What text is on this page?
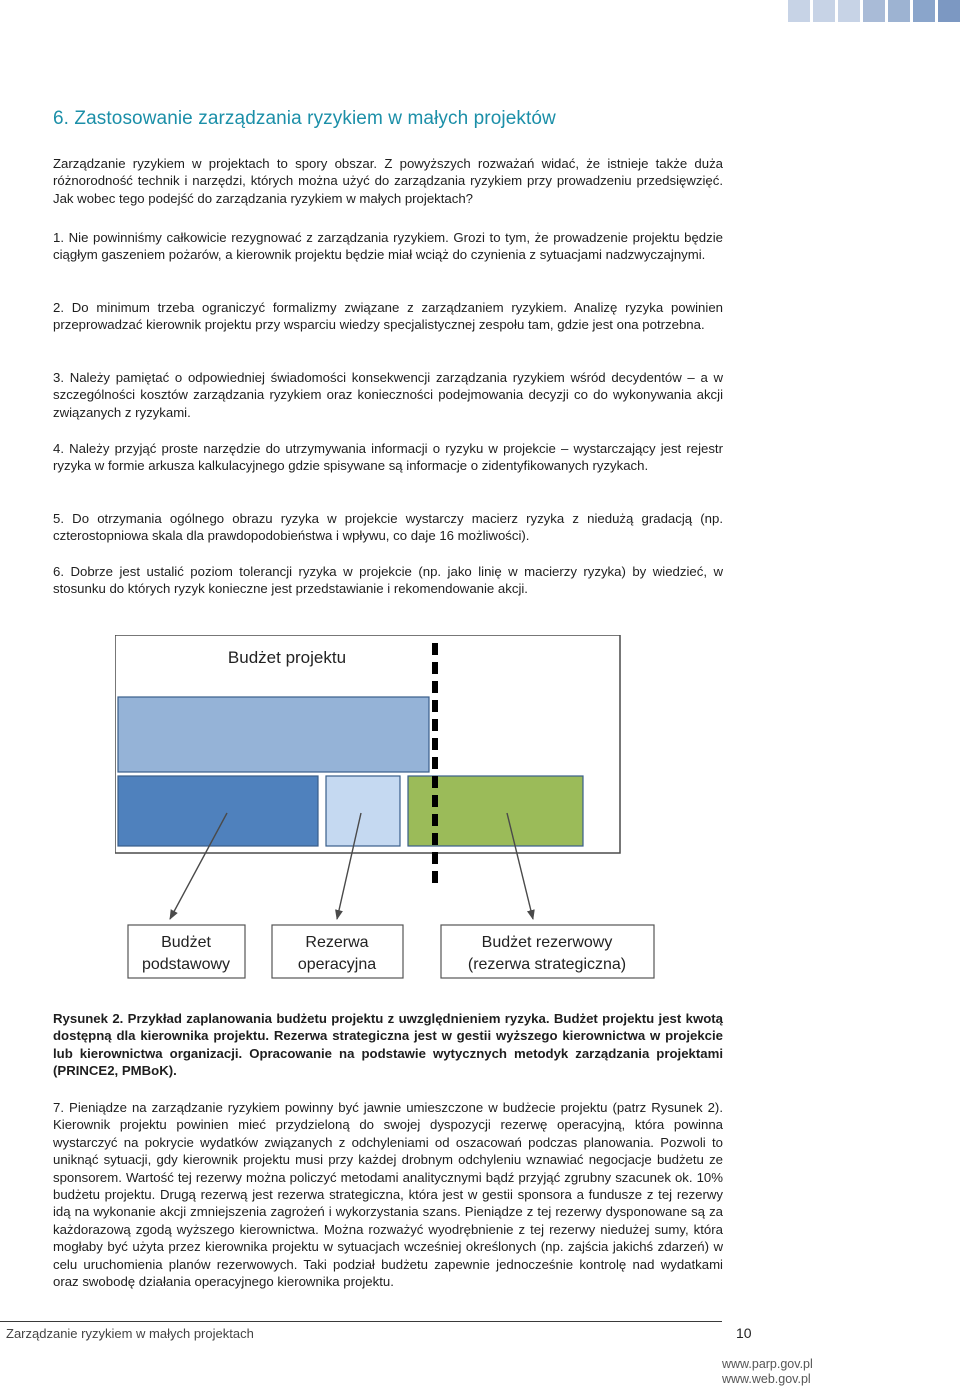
6. Zastosowanie zarządzania ryzykiem w małych projektów

Zarządzanie ryzykiem w projektach to spory obszar. Z powyższych rozważań widać, że istnieje także duża różnorodność technik i narzędzi, których można użyć do zarządzania ryzykiem przy prowadzeniu przedsięwzięć. Jak wobec tego podejść do zarządzania ryzykiem w małych projektach?

1. Nie powinniśmy całkowicie rezygnować z zarządzania ryzykiem. Grozi to tym, że prowadzenie projektu będzie ciągłym gaszeniem pożarów, a kierownik projektu będzie miał wciąż do czynienia z sytuacjami nadzwyczajnymi.

2. Do minimum trzeba ograniczyć formalizmy związane z zarządzaniem ryzykiem. Analizę ryzyka powinien przeprowadzać kierownik projektu przy wsparciu wiedzy specjalistycznej zespołu tam, gdzie jest ona potrzebna.

3. Należy pamiętać o odpowiedniej świadomości konsekwencji zarządzania ryzykiem wśród decydentów – a w szczególności kosztów zarządzania ryzykiem oraz konieczności podejmowania decyzji co do wykonywania akcji związanych z ryzykami.

4. Należy przyjąć proste narzędzie do utrzymywania informacji o ryzyku w projekcie – wystarczający jest rejestr ryzyka w formie arkusza kalkulacyjnego gdzie spisywane są informacje o zidentyfikowanych ryzykach.

5. Do otrzymania ogólnego obrazu ryzyka w projekcie wystarczy macierz ryzyka z niedużą gradacją (np. czterostopniowa skala dla prawdopodobieństwa i wpływu, co daje 16 możliwości).

6. Dobrze jest ustalić poziom tolerancji ryzyka w projekcie (np. jako linię w macierzy ryzyka) by wiedzieć, w stosunku do których ryzyk konieczne jest przedstawianie i rekomendowanie akcji.

Budżet projektu
Budżet
podstawowy
Rezerwa
operacyjna
Budżet rezerwowy
(rezerwa strategiczna)

Rysunek 2. Przykład zaplanowania budżetu projektu z uwzględnieniem ryzyka. Budżet projektu jest kwotą dostępną dla kierownika projektu. Rezerwa strategiczna jest w gestii wyższego kierownictwa w projekcie lub kierownictwa organizacji. Opracowanie na podstawie wytycznych metodyk zarządzania projektami (PRINCE2, PMBoK).

7. Pieniądze na zarządzanie ryzykiem powinny być jawnie umieszczone w budżecie projektu (patrz Rysunek 2). Kierownik projektu powinien mieć przydzieloną do swojej dyspozycji rezerwę operacyjną, która powinna wystarczyć na pokrycie wydatków związanych z odchyleniami od oszacowań podczas planowania. Pozwoli to uniknąć sytuacji, gdy kierownik projektu musi przy każdej drobnym odchyleniu wznawiać negocjacje budżetu ze sponsorem. Wartość tej rezerwy można policzyć metodami analitycznymi bądź przyjąć zgrubny szacunek ok. 10% budżetu projektu. Drugą rezerwą jest rezerwa strategiczna, która jest w gestii sponsora a fundusze z tej rezerwy idą na wykonanie akcji zmniejszenia zagrożeń i wykorzystania szans. Pieniądze z tej rezerwy dysponowane są za każdorazową zgodą wyższego kierownictwa. Można rozważyć wyodrębnienie z tej rezerwy niedużej sumy, która mogłaby być użyta przez kierownika projektu w sytuacjach wcześniej określonych (np. zajścia jakichś zdarzeń) w celu uruchomienia planów rezerwowych. Taki podział budżetu zapewnie jednocześnie kontrolę nad wydatkami oraz swobodę działania operacyjnego kierownika projektu.

Zarządzanie ryzykiem w małych projektach	10
www.parp.gov.pl
www.web.gov.pl
